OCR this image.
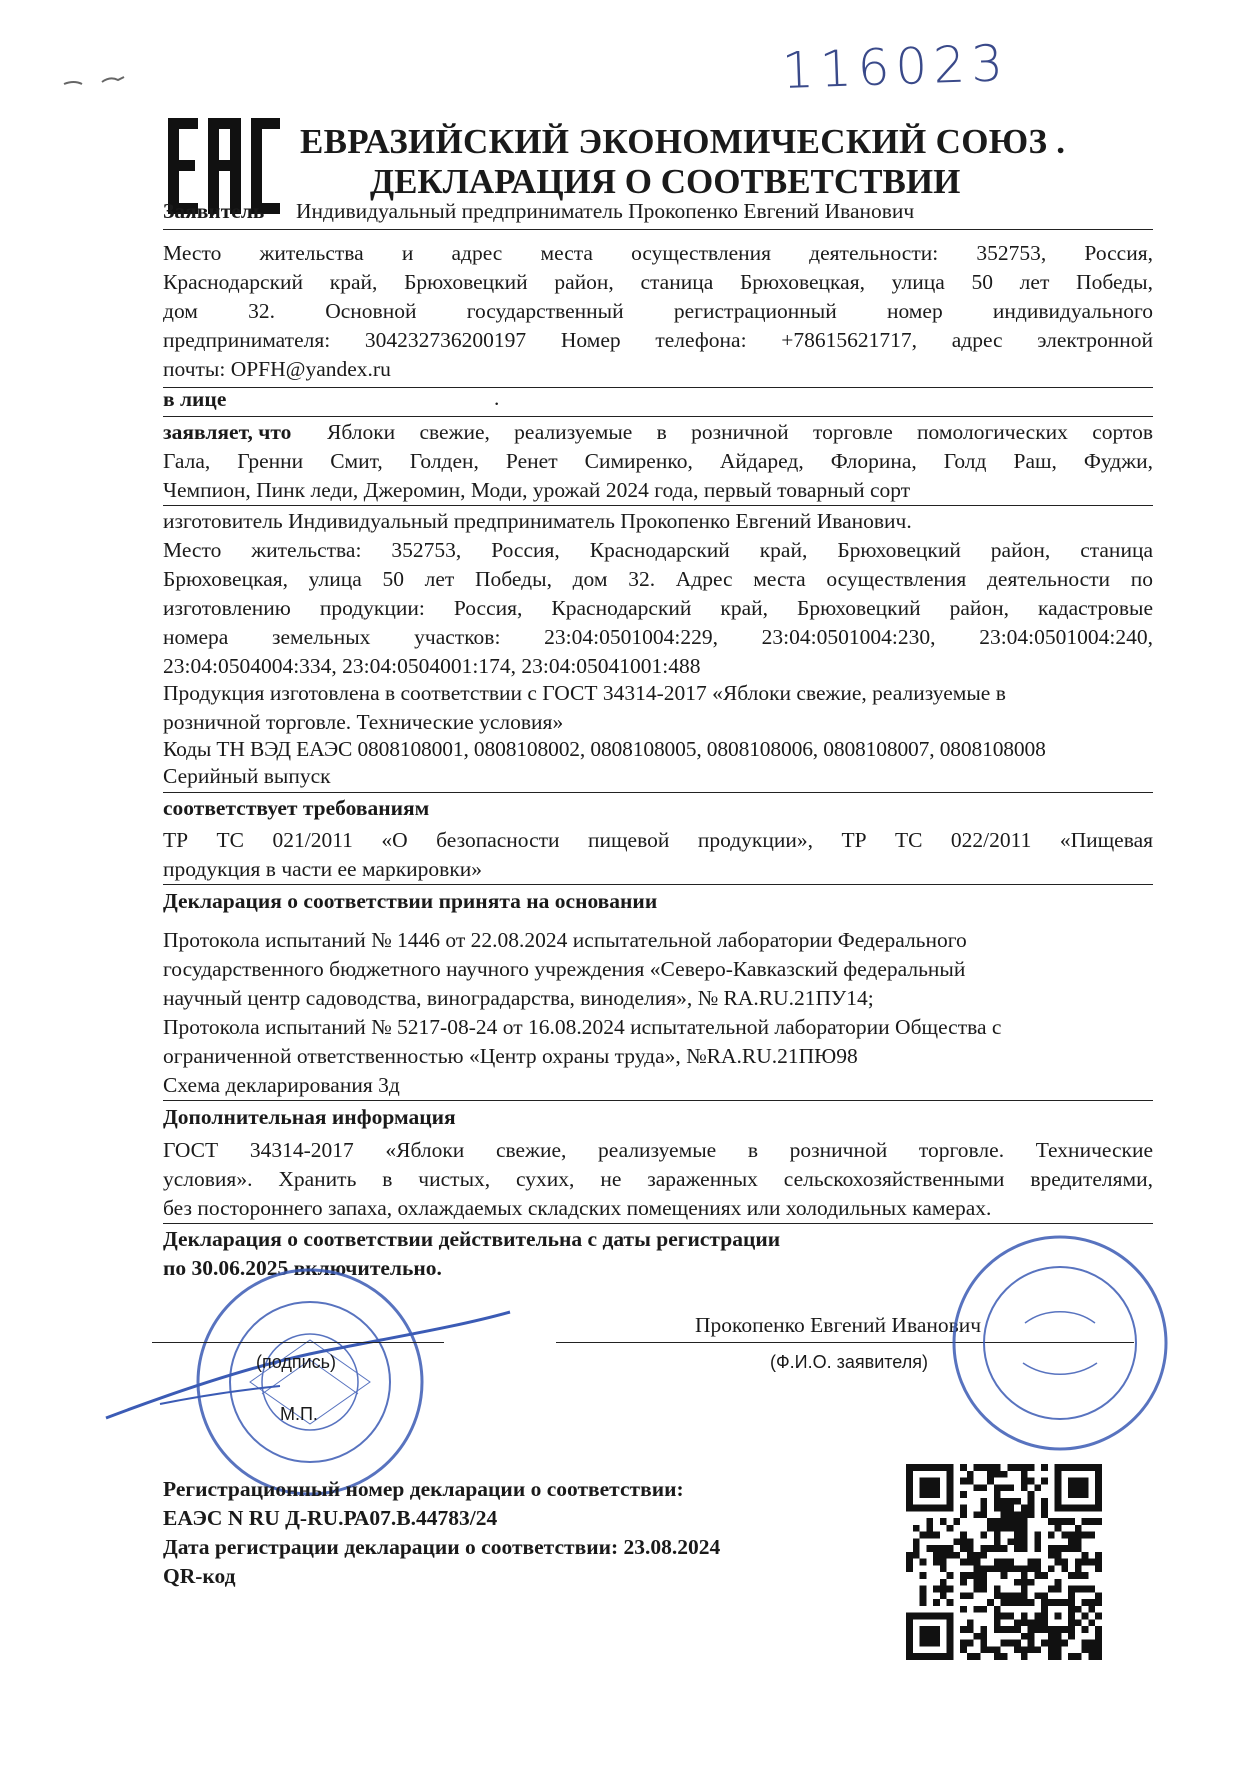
116023
ЕВРАЗИЙСКИЙ ЭКОНОМИЧЕСКИЙ СОЮЗ .
ДЕКЛАРАЦИЯ О СООТВЕТСТВИИ
Заявитель Индивидуальный предприниматель Прокопенко Евгений Иванович
Место жительства и адрес места осуществления деятельности: 352753, Россия,
Краснодарский край, Брюховецкий район, станица Брюховецкая, улица 50 лет Победы,
дом 32. Основной государственный регистрационный номер индивидуального
предпринимателя: 304232736200197 Номер телефона: +78615621717, адрес электронной
почты: OPFH@yandex.ru
в лице	.
заявляет, что Яблоки свежие, реализуемые в розничной торговле помологических сортов
Гала, Гренни Смит, Голден, Ренет Симиренко, Айдаред, Флорина, Голд Раш, Фуджи,
Чемпион, Пинк леди, Джеромин, Моди, урожай 2024 года, первый товарный сорт
изготовитель Индивидуальный предприниматель Прокопенко Евгений Иванович.
Место жительства: 352753, Россия, Краснодарский край, Брюховецкий район, станица
Брюховецкая, улица 50 лет Победы, дом 32. Адрес места осуществления деятельности по
изготовлению продукции: Россия, Краснодарский край, Брюховецкий район, кадастровые
номера земельных участков: 23:04:0501004:229, 23:04:0501004:230, 23:04:0501004:240,
23:04:0504004:334, 23:04:0504001:174, 23:04:05041001:488
Продукция изготовлена в соответствии с ГОСТ 34314-2017 «Яблоки свежие, реализуемые в
розничной торговле. Технические условия»
Коды ТН ВЭД ЕАЭС 0808108001, 0808108002, 0808108005, 0808108006, 0808108007, 0808108008
Серийный выпуск
соответствует требованиям
ТР ТС 021/2011 «О безопасности пищевой продукции», ТР ТС 022/2011 «Пищевая
продукция в части ее маркировки»
Декларация о соответствии принята на основании
Протокола испытаний № 1446 от 22.08.2024 испытательной лаборатории Федерального
государственного бюджетного научного учреждения «Северо-Кавказский федеральный
научный центр садоводства, виноградарства, виноделия», № RA.RU.21ПУ14;
Протокола испытаний № 5217-08-24 от 16.08.2024 испытательной лаборатории Общества с
ограниченной ответственностью «Центр охраны труда», №RA.RU.21ПЮ98
Схема декларирования 3д
Дополнительная информация
ГОСТ 34314-2017 «Яблоки свежие, реализуемые в розничной торговле. Технические
условия». Хранить в чистых, сухих, не зараженных сельскохозяйственными вредителями,
без постороннего запаха, охлаждаемых складских помещениях или холодильных камерах.
Декларация о соответствии действительна с даты регистрации
по 30.06.2025 включительно.
Прокопенко Евгений Иванович
(подпись)	(Ф.И.О. заявителя)
М.П.
Регистрационный номер декларации о соответствии:
ЕАЭС N RU Д-RU.РА07.В.44783/24
Дата регистрации декларации о соответствии: 23.08.2024
QR-код
